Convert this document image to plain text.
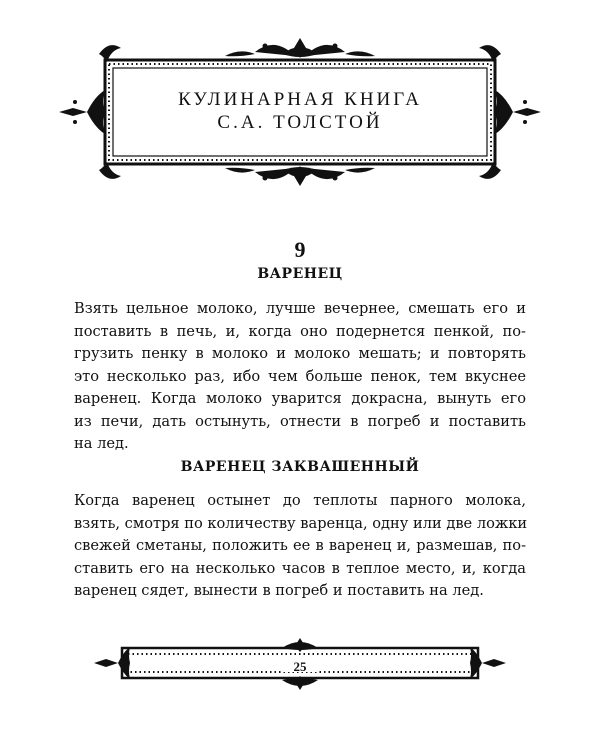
КУЛИНАРНАЯ КНИГА
С.А. ТОЛСТОЙ
9
ВАРЕНЕЦ
Взять цельное молоко, лучше вечернее, смешать его и
поставить в печь, и, когда оно подернется пенкой, по-
грузить пенку в молоко и молоко мешать; и повторять
это несколько раз, ибо чем больше пенок, тем вкуснее
варенец. Когда молоко уварится докрасна, вынуть его
из печи, дать остынуть, отнести в погреб и поставить
на лед.
ВАРЕНЕЦ ЗАКВАШЕННЫЙ
Когда варенец остынет до теплоты парного молока,
взять, смотря по количеству варенца, одну или две ложки
свежей сметаны, положить ее в варенец и, размешав, по-
ставить его на несколько часов в теплое место, и, когда
варенец сядет, вынести в погреб и поставить на лед.
25
